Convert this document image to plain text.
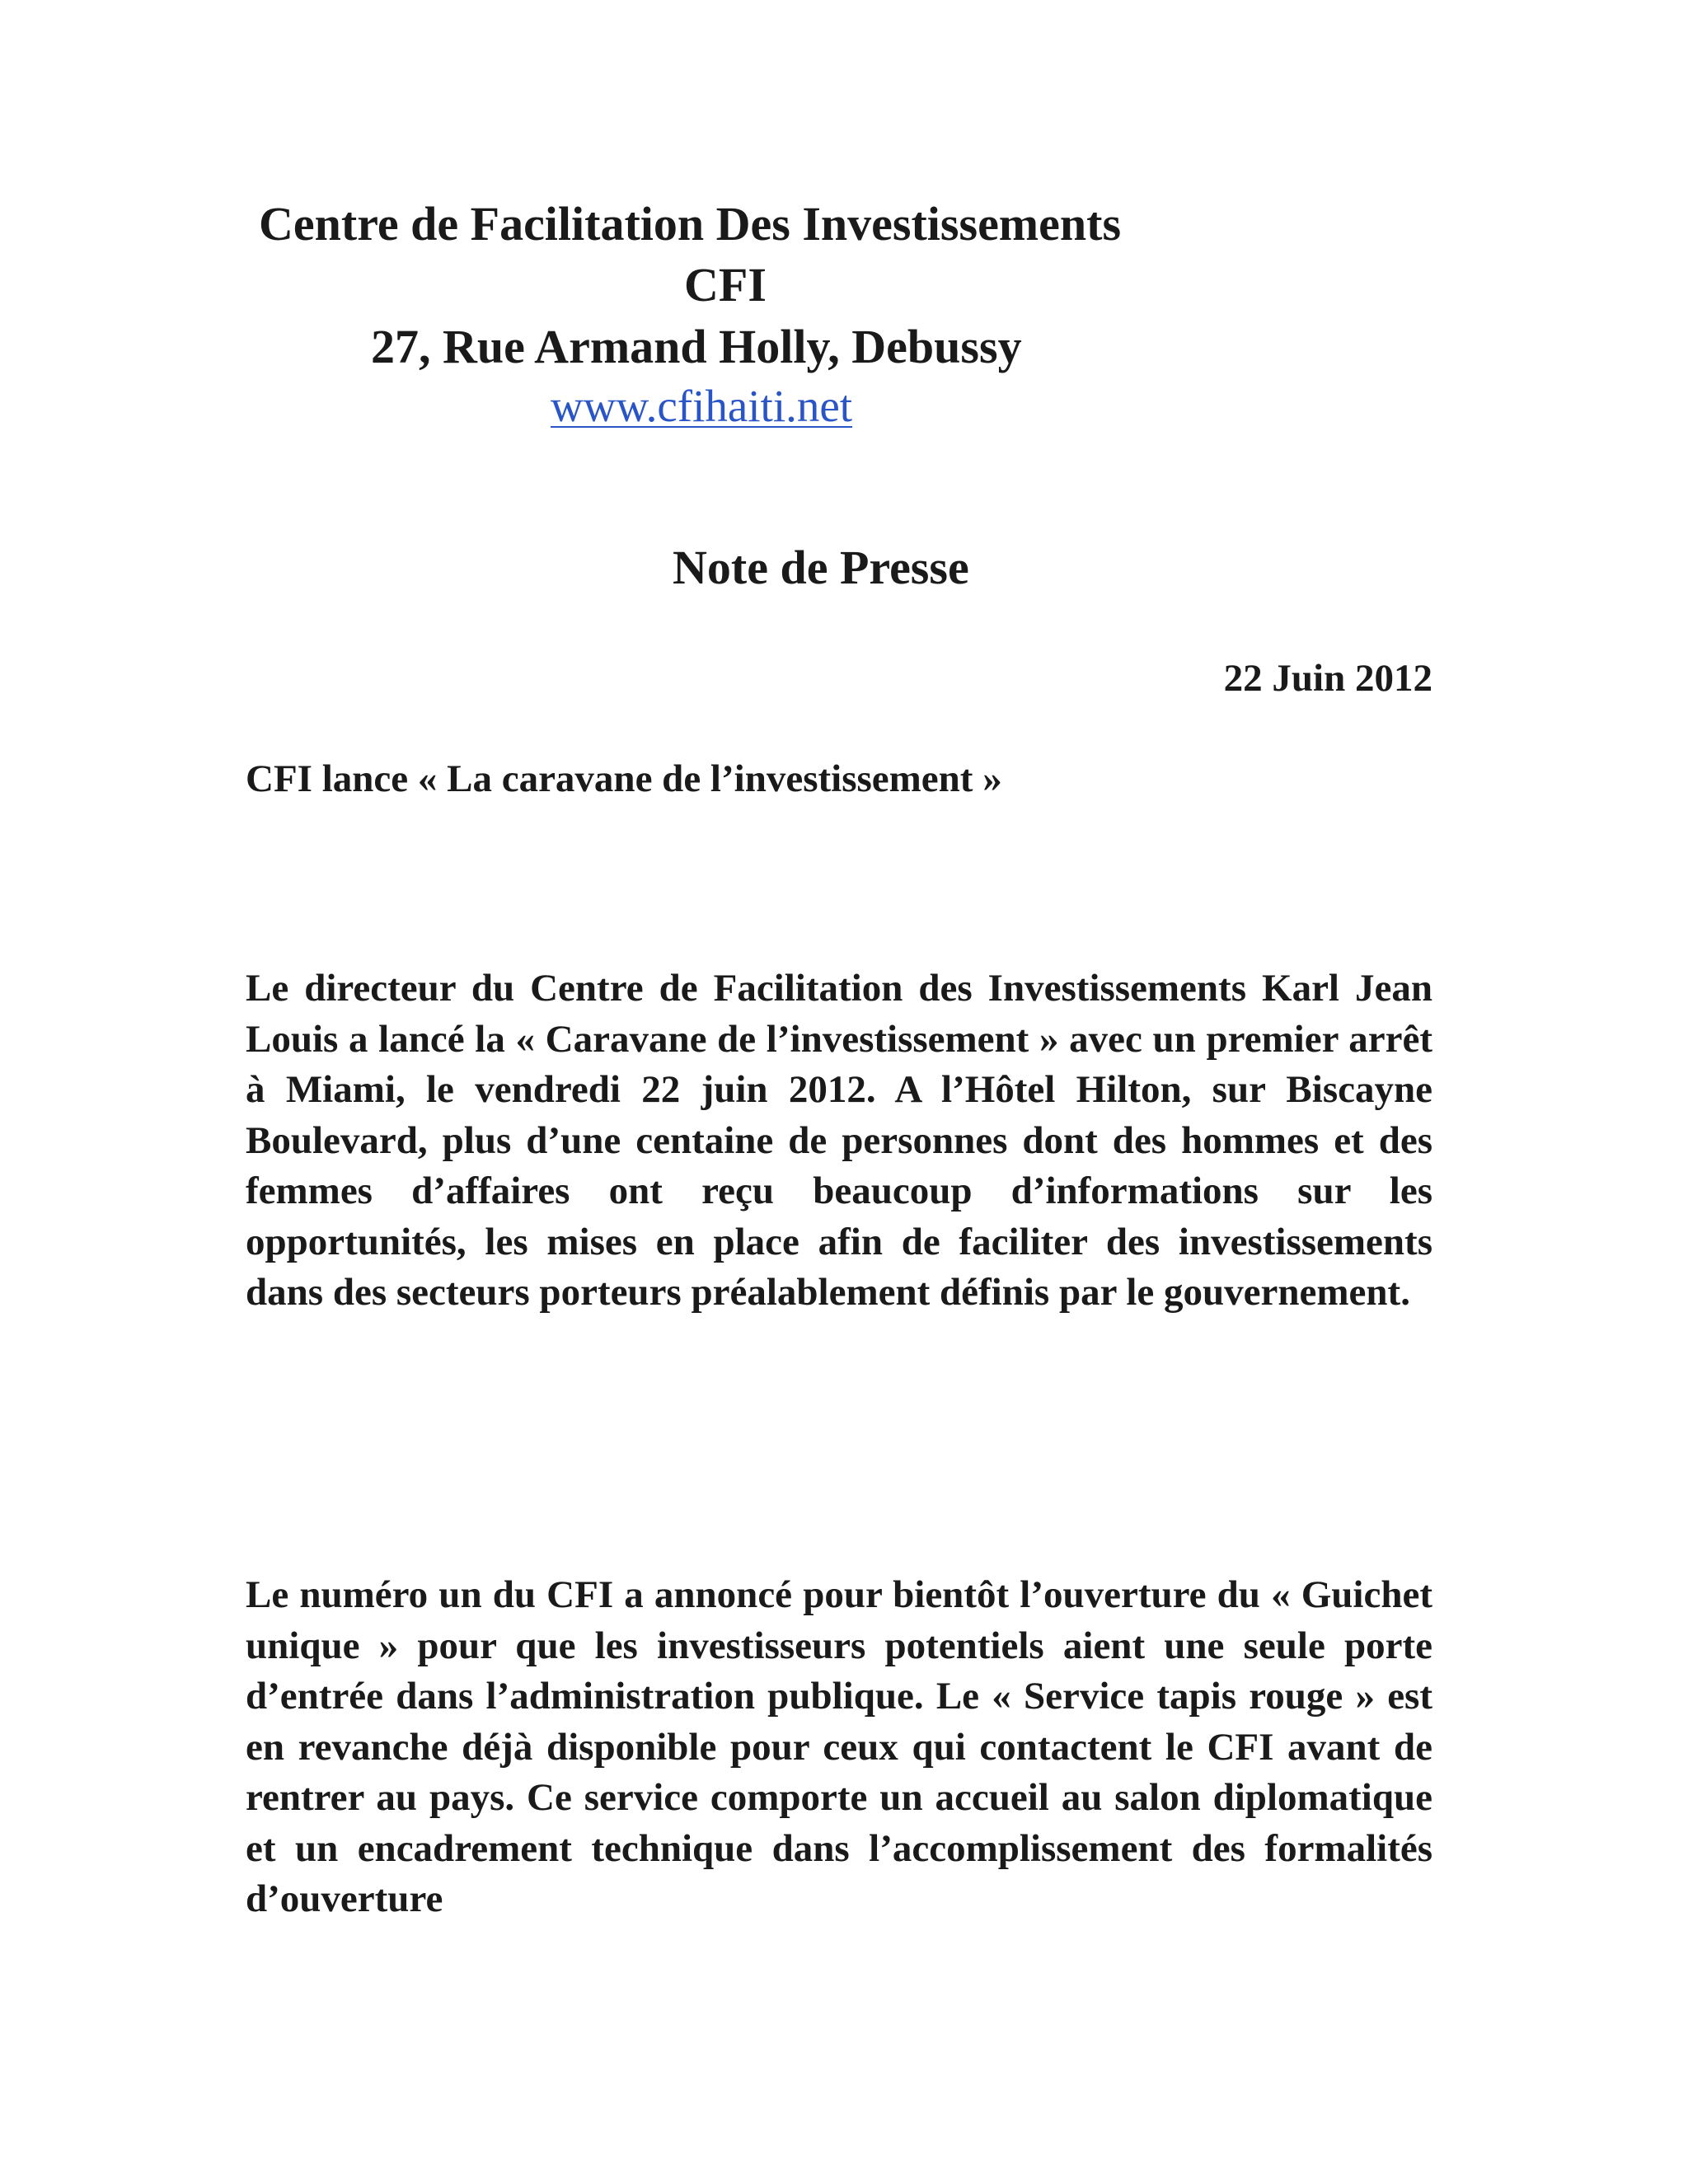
Centre de Facilitation Des Investissements
CFI
27, Rue Armand Holly, Debussy
www.cfihaiti.net
Note de Presse
22 Juin 2012
CFI lance « La caravane de l’investissement »

Le directeur du Centre de Facilitation des Investissements Karl Jean Louis a lancé la « Caravane de l’investissement » avec un premier arrêt à Miami, le vendredi 22 juin 2012. A l’Hôtel Hilton, sur Biscayne Boulevard, plus d’une centaine de personnes dont des hommes et des femmes d’affaires ont reçu beaucoup d’informations sur les opportunités, les mises en place afin de faciliter des investissements dans des secteurs porteurs préalablement définis par le gouvernement.

Le numéro un du CFI a annoncé pour bientôt l’ouverture du « Guichet unique » pour que les investisseurs potentiels aient une seule porte d’entrée dans l’administration publique. Le « Service tapis rouge » est en revanche déjà disponible pour ceux qui contactent le CFI avant de rentrer au pays. Ce service comporte un accueil au salon diplomatique et un encadrement technique dans l’accomplissement des formalités d’ouverture
